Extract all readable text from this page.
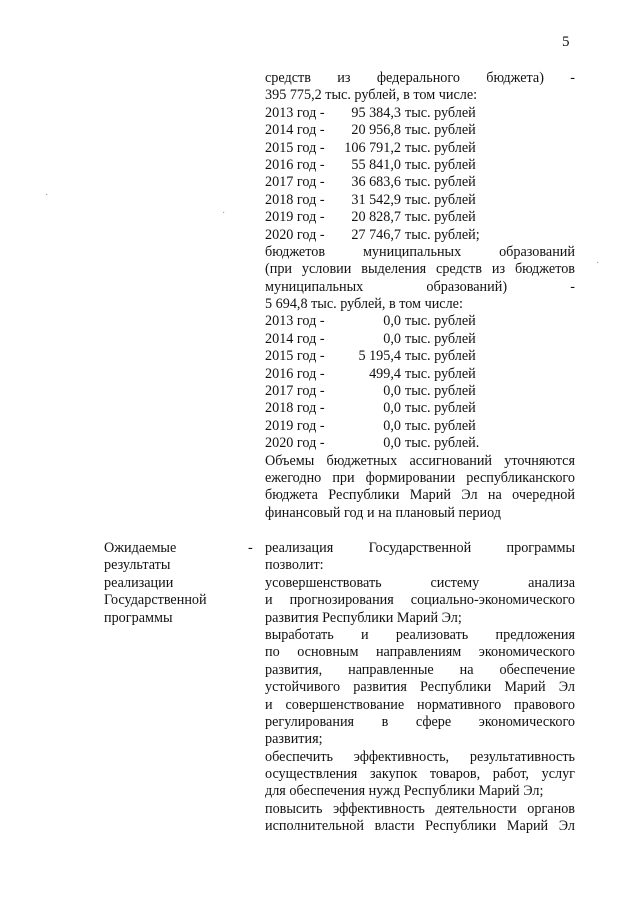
5
·
·
·
средств из федерального бюджета) -
395 775,2 тыс. рублей, в том числе:
2013 год - 95 384,3 тыс. рублей
2014 год - 20 956,8 тыс. рублей
2015 год - 106 791,2 тыс. рублей
2016 год - 55 841,0 тыс. рублей
2017 год - 36 683,6 тыс. рублей
2018 год - 31 542,9 тыс. рублей
2019 год - 20 828,7 тыс. рублей
2020 год - 27 746,7 тыс. рублей;
бюджетов муниципальных образований
(при условии выделения средств из бюджетов
муниципальных образований) -
5 694,8 тыс. рублей, в том числе:
2013 год -	0,0 тыс. рублей
2014 год -	0,0 тыс. рублей
2015 год - 5 195,4 тыс. рублей
2016 год -	499,4 тыс. рублей
2017 год -	0,0 тыс. рублей
2018 год -	0,0 тыс. рублей
2019 год -	0,0 тыс. рублей
2020 год -	0,0 тыс. рублей.
Объемы бюджетных ассигнований уточняются
ежегодно при формировании республиканского
бюджета Республики Марий Эл на очередной
финансовый год и на плановый период
Ожидаемые
результаты
реализации
Государственной
программы
- реализация Государственной программы
позволит:
усовершенствовать систему анализа
и прогнозирования социально-экономического
развития Республики Марий Эл;
выработать и реализовать предложения
по основным направлениям экономического
развития, направленные на обеспечение
устойчивого развития Республики Марий Эл
и совершенствование нормативного правового
регулирования в сфере экономического
развития;
обеспечить эффективность, результативность
осуществления закупок товаров, работ, услуг
для обеспечения нужд Республики Марий Эл;
повысить эффективность деятельности органов
исполнительной власти Республики Марий Эл
